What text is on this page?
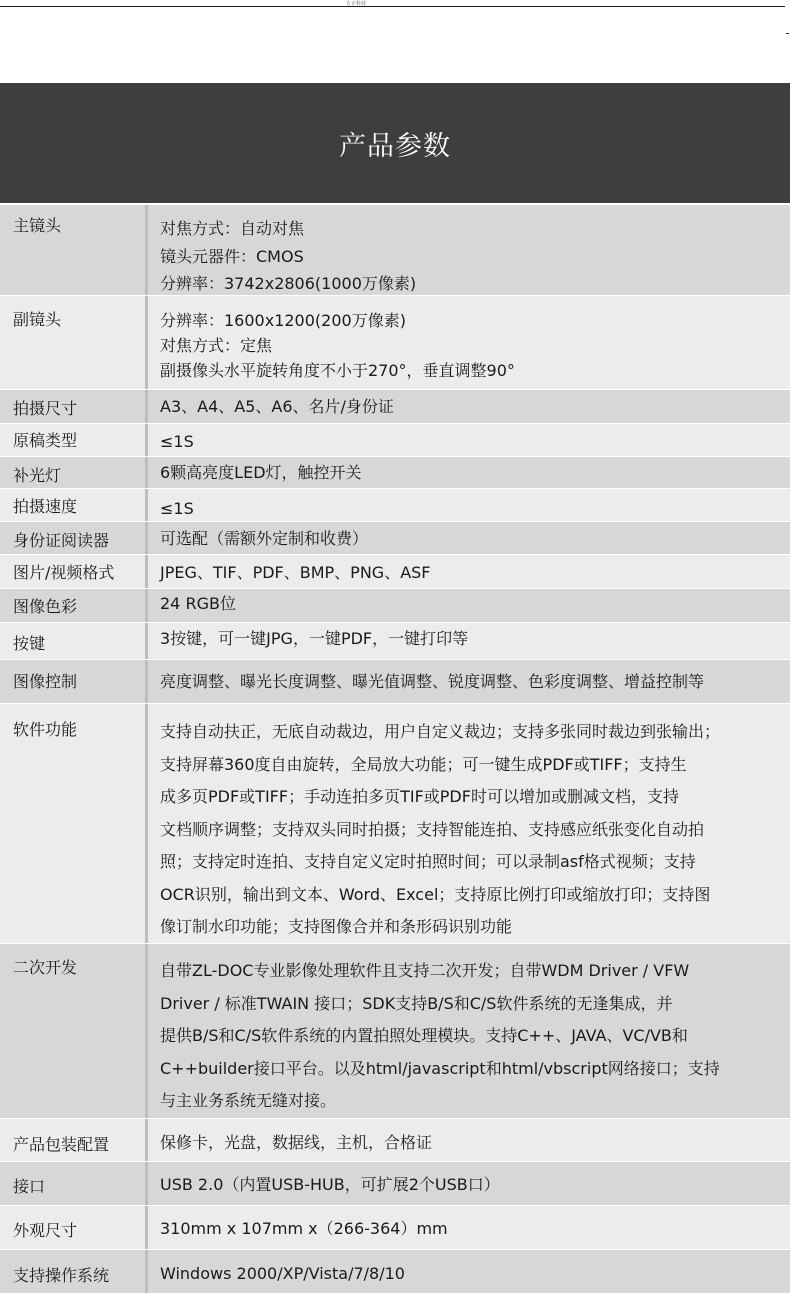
方正科技
产品参数
主镜头	对焦方式：自动对焦
镜头元器件：CMOS
分辨率：3742x2806(1000万像素)
副镜头	分辨率：1600x1200(200万像素)
对焦方式：定焦
副摄像头水平旋转角度不小于270°，垂直调整90°
拍摄尺寸	A3、A4、A5、A6、名片/身份证
原稿类型	≤1S
补光灯	6颗高亮度LED灯，触控开关
拍摄速度	≤1S
身份证阅读器	可选配（需额外定制和收费）
图片/视频格式	JPEG、TIF、PDF、BMP、PNG、ASF
图像色彩	24 RGB位
按键	3按键，可一键JPG，一键PDF，一键打印等
图像控制	亮度调整、曝光长度调整、曝光值调整、锐度调整、色彩度调整、增益控制等
软件功能	支持自动扶正，无底自动裁边，用户自定义裁边；支持多张同时裁边到张输出；
支持屏幕360度自由旋转，全局放大功能；可一键生成PDF或TIFF；支持生
成多页PDF或TIFF；手动连拍多页TIF或PDF时可以增加或删减文档，支持
文档顺序调整；支持双头同时拍摄；支持智能连拍、支持感应纸张变化自动拍
照；支持定时连拍、支持自定义定时拍照时间；可以录制asf格式视频；支持
OCR识别，输出到文本、Word、Excel；支持原比例打印或缩放打印；支持图
像订制水印功能；支持图像合并和条形码识别功能
二次开发	自带ZL-DOC专业影像处理软件且支持二次开发；自带WDM Driver / VFW
Driver / 标准TWAIN 接口；SDK支持B/S和C/S软件系统的无逢集成，并
提供B/S和C/S软件系统的内置拍照处理模块。支持C++、JAVA、VC/VB和
C++builder接口平台。以及html/javascript和html/vbscript网络接口；支持
与主业务系统无缝对接。
产品包装配置	保修卡，光盘，数据线，主机，合格证
接口	USB 2.0（内置USB-HUB，可扩展2个USB口）
外观尺寸	310mm x 107mm x（266-364）mm
支持操作系统	Windows 2000/XP/Vista/7/8/10
